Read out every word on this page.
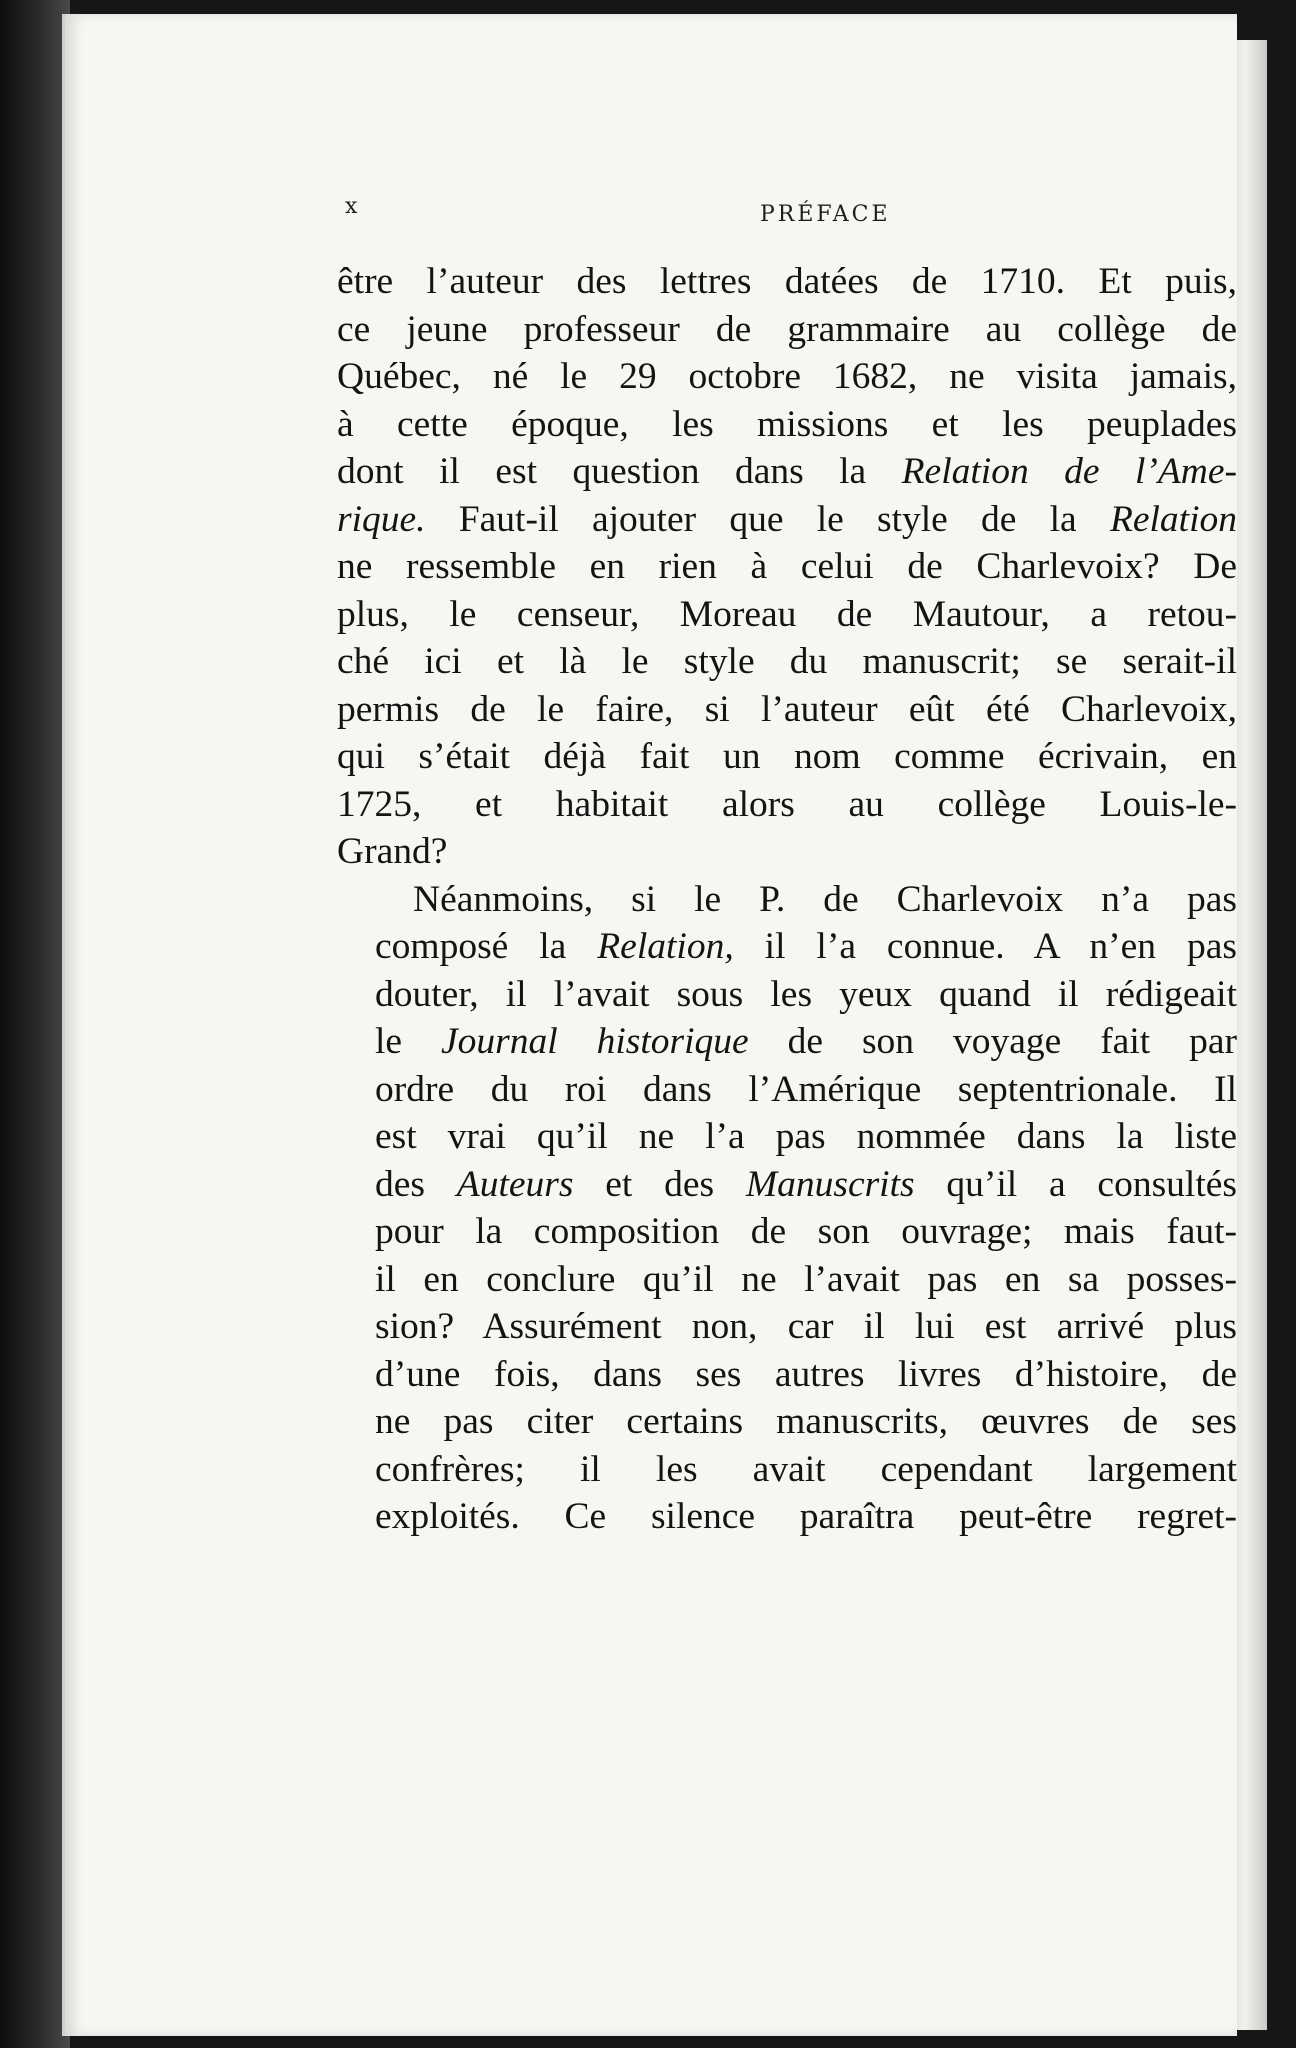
x	PRÉFACE
être l’auteur des lettres datées de 1710. Et puis,
ce jeune professeur de grammaire au collège de
Québec, né le 29 octobre 1682, ne visita jamais,
à cette époque, les missions et les peuplades
dont il est question dans la Relation de l’Ame-
rique. Faut-il ajouter que le style de la Relation
ne ressemble en rien à celui de Charlevoix? De
plus, le censeur, Moreau de Mautour, a retou-
ché ici et là le style du manuscrit; se serait-il
permis de le faire, si l’auteur eût été Charlevoix,
qui s’était déjà fait un nom comme écrivain, en
1725, et habitait alors au collège Louis-le-
Grand?
Néanmoins, si le P. de Charlevoix n’a pas
composé la Relation, il l’a connue. A n’en pas
douter, il l’avait sous les yeux quand il rédigeait
le Journal historique de son voyage fait par
ordre du roi dans l’Amérique septentrionale. Il
est vrai qu’il ne l’a pas nommée dans la liste
des Auteurs et des Manuscrits qu’il a consultés
pour la composition de son ouvrage; mais faut-
il en conclure qu’il ne l’avait pas en sa posses-
sion? Assurément non, car il lui est arrivé plus
d’une fois, dans ses autres livres d’histoire, de
ne pas citer certains manuscrits, œuvres de ses
confrères; il les avait cependant largement
exploités. Ce silence paraîtra peut-être regret-
